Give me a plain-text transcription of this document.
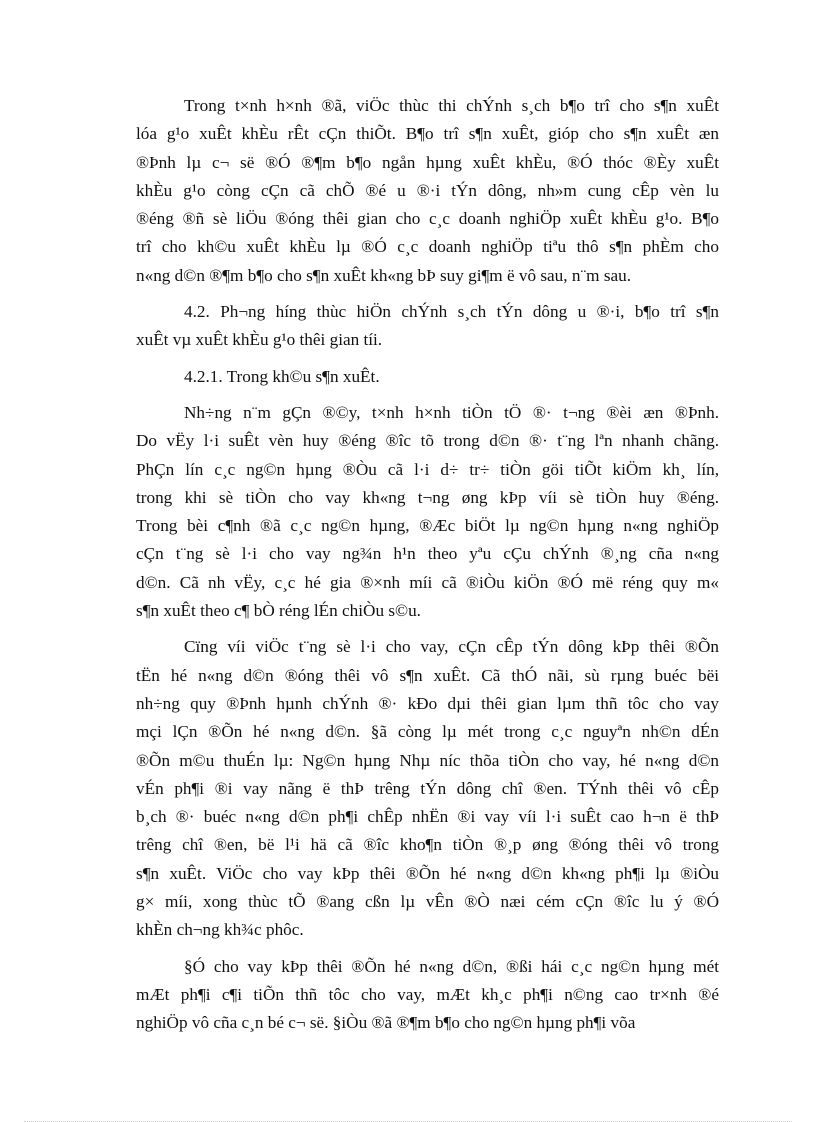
Trong t×nh h×nh ®ã, viÖc thùc thi chÝnh s¸ch b¶o trî cho s¶n xuÊt
lóa g¹o xuÊt khÈu rÊt cÇn thiÕt. B¶o trî s¶n xuÊt, gióp cho s¶n xuÊt æn
®Þnh lµ c¬ së ®Ó ®¶m b¶o ngån hµng xuÊt khÈu, ®Ó thóc ®Èy xuÊt
khÈu g¹o còng cÇn cã chÕ ®é u ®·i tÝn dông, nh»m cung cÊp vèn lu
®éng ®ñ sè liÖu ®óng thêi gian cho c¸c doanh nghiÖp xuÊt khÈu g¹o. B¶o
trî cho kh©u xuÊt khÈu lµ ®Ó c¸c doanh nghiÖp tiªu thô s¶n phÈm cho
n«ng d©n ®¶m b¶o cho s¶n xuÊt kh«ng bÞ suy gi¶m ë vô sau, n¨m sau.
4.2. Ph¬ng híng thùc hiÖn chÝnh s¸ch tÝn dông u ®·i, b¶o trî s¶n
xuÊt vµ xuÊt khÈu g¹o thêi gian tíi.
4.2.1. Trong kh©u s¶n xuÊt.
Nh÷ng n¨m gÇn ®©y, t×nh h×nh tiÒn tÖ ®· t¬ng ®èi æn ®Þnh.
Do vËy l·i suÊt vèn huy ®éng ®îc tõ trong d©n ®· t¨ng lªn nhanh chãng.
PhÇn lín c¸c ng©n hµng ®Òu cã l·i d÷ tr÷ tiÒn göi tiÕt kiÖm kh¸ lín,
trong khi sè tiÒn cho vay kh«ng t¬ng øng kÞp víi sè tiÒn huy ®éng.
Trong bèi c¶nh ®ã c¸c ng©n hµng, ®Æc biÖt lµ ng©n hµng n«ng nghiÖp
cÇn t¨ng sè l·i cho vay ng¾n h¹n theo yªu cÇu chÝnh ®¸ng cña n«ng
d©n. Cã nh vËy, c¸c hé gia ®×nh míi cã ®iÒu kiÖn ®Ó më réng quy m«
s¶n xuÊt theo c¶ bÒ réng lÉn chiÒu s©u.
Cïng víi viÖc t¨ng sè l·i cho vay, cÇn cÊp tÝn dông kÞp thêi ®Õn
tËn hé n«ng d©n ®óng thêi vô s¶n xuÊt. Cã thÓ nãi, sù rµng buéc bëi
nh÷ng quy ®Þnh hµnh chÝnh ®· kÐo dµi thêi gian lµm thñ tôc cho vay
mçi lÇn ®Õn hé n«ng d©n. §ã còng lµ mét trong c¸c nguyªn nh©n dÉn
®Õn m©u thuÉn lµ: Ng©n hµng Nhµ níc thõa tiÒn cho vay, hé n«ng d©n
vÉn ph¶i ®i vay nãng ë thÞ trêng tÝn dông chî ®en. TÝnh thêi vô cÊp
b¸ch ®· buéc n«ng d©n ph¶i chÊp nhËn ®i vay víi l·i suÊt cao h¬n ë thÞ
trêng chî ®en, bë l¹i hä cã ®îc kho¶n tiÒn ®¸p øng ®óng thêi vô trong
s¶n xuÊt. ViÖc cho vay kÞp thêi ®Õn hé n«ng d©n kh«ng ph¶i lµ ®iÒu
g× míi, xong thùc tÕ ®ang cßn lµ vÊn ®Ò næi cém cÇn ®îc lu ý ®Ó
khÈn ch¬ng kh¾c phôc.
§Ó cho vay kÞp thêi ®Õn hé n«ng d©n, ®ßi hái c¸c ng©n hµng mét
mÆt ph¶i c¶i tiÕn thñ tôc cho vay, mÆt kh¸c ph¶i n©ng cao tr×nh ®é
nghiÖp vô cña c¸n bé c¬ së. §iÒu ®ã ®¶m b¶o cho ng©n hµng ph¶i võa
